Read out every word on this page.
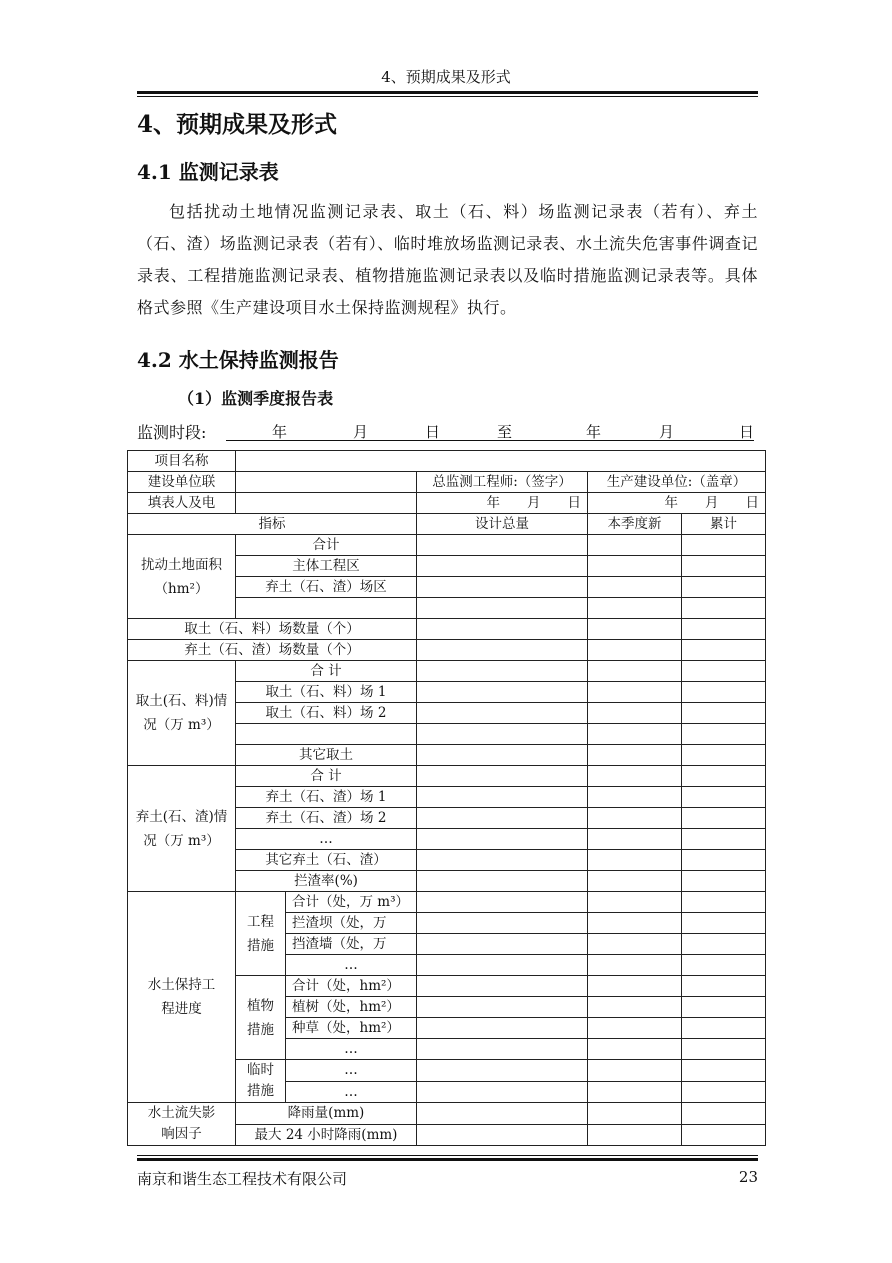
4、预期成果及形式
4、预期成果及形式
4.1 监测记录表
包括扰动土地情况监测记录表、取土（石、料）场监测记录表（若有）、弃土（石、渣）场监测记录表（若有）、临时堆放场监测记录表、水土流失危害事件调查记录表、工程措施监测记录表、植物措施监测记录表以及临时措施监测记录表等。具体格式参照《生产建设项目水土保持监测规程》执行。
4.2 水土保持监测报告
（1）监测季度报告表
监测时段:	年	月	日	至	年	月	日
项目名称					
建设单位联			总监测工程师:（签字）	生产建设单位:（盖章）	
填表人及电			年　　月　　日	年　　月　　日	
指标			设计总量	本季度新	累计
扰动土地面积（hm²）	合计				
	主体工程区				
	弃土（石、渣）场区				

取土（石、料）场数量（个）					
弃土（石、渣）场数量（个）					
取土(石、料)情况（万 m³）	合 计				
	取土（石、料）场 1				
	取土（石、料）场 2				

	其它取土				
弃土(石、渣)情况（万 m³）	合 计				
	弃土（石、渣）场 1				
	弃土（石、渣）场 2				
	…				
	其它弃土（石、渣）				
	拦渣率(%)				
水土保持工程进度	工程措施	合计（处，万 m³）			
		拦渣坝（处，万			
		挡渣墙（处，万			
		…			
	植物措施	合计（处，hm²）			
		植树（处，hm²）			
		种草（处，hm²）			
		…			
	临时措施	…			
		…			
水土流失影响因子	降雨量(mm)				
	最大 24 小时降雨(mm)				
南京和谐生态工程技术有限公司	23
